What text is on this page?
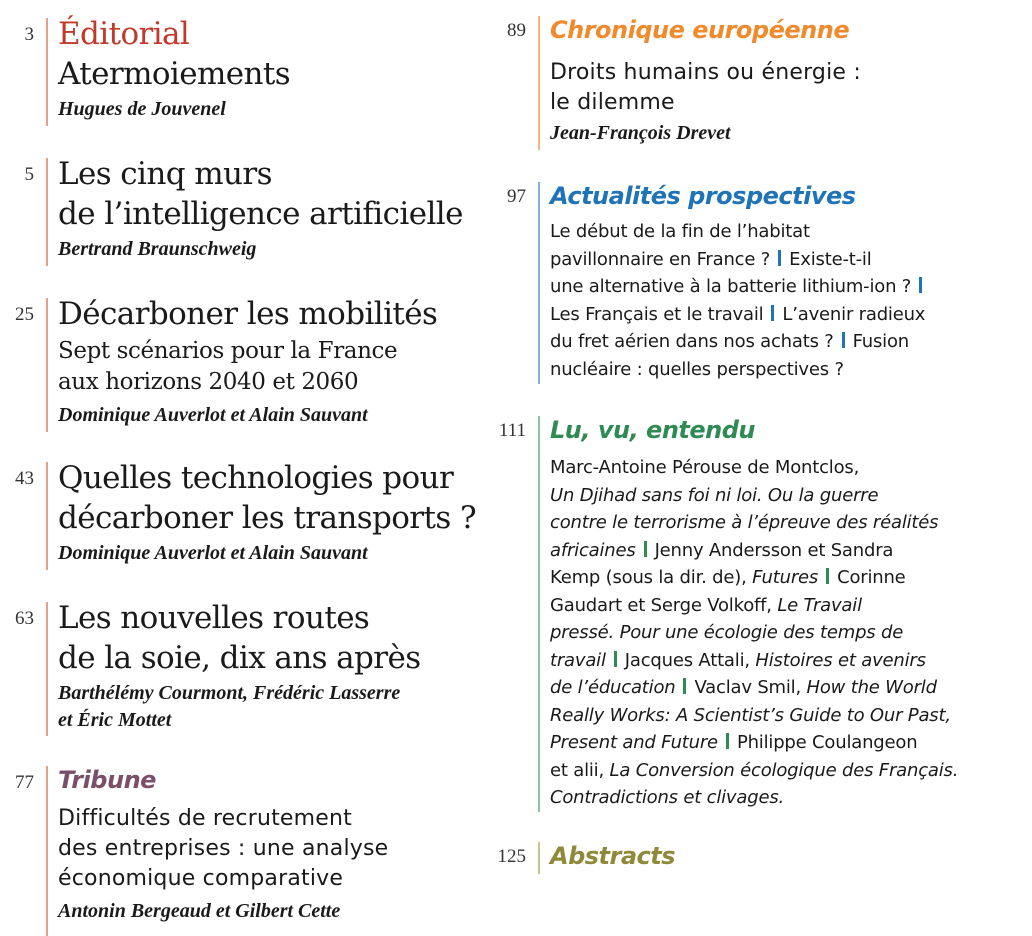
3 Éditorial
Atermoiements
Hugues de Jouvenel
5 Les cinq murs
de l’intelligence artificielle
Bertrand Braunschweig
25 Décarboner les mobilités
Sept scénarios pour la France
aux horizons 2040 et 2060
Dominique Auverlot et Alain Sauvant
43 Quelles technologies pour
décarboner les transports ?
Dominique Auverlot et Alain Sauvant
63 Les nouvelles routes
de la soie, dix ans après
Barthélémy Courmont, Frédéric Lasserre
et Éric Mottet
77 Tribune
Difficultés de recrutement
des entreprises : une analyse
économique comparative
Antonin Bergeaud et Gilbert Cette
89 Chronique européenne
Droits humains ou énergie :
le dilemme
Jean-François Drevet
97 Actualités prospectives
Le début de la fin de l’habitat
pavillonnaire en France ? Existe-t-il
une alternative à la batterie lithium-ion ?
Les Français et le travail L’avenir radieux
du fret aérien dans nos achats ? Fusion
nucléaire : quelles perspectives ?
111 Lu, vu, entendu
Marc-Antoine Pérouse de Montclos,
Un Djihad sans foi ni loi. Ou la guerre
contre le terrorisme à l’épreuve des réalités
africaines Jenny Andersson et Sandra
Kemp (sous la dir. de), Futures Corinne
Gaudart et Serge Volkoff, Le Travail
pressé. Pour une écologie des temps de
travail Jacques Attali, Histoires et avenirs
de l’éducation Vaclav Smil, How the World
Really Works: A Scientist’s Guide to Our Past,
Present and Future Philippe Coulangeon
et alii, La Conversion écologique des Français.
Contradictions et clivages.
125 Abstracts
